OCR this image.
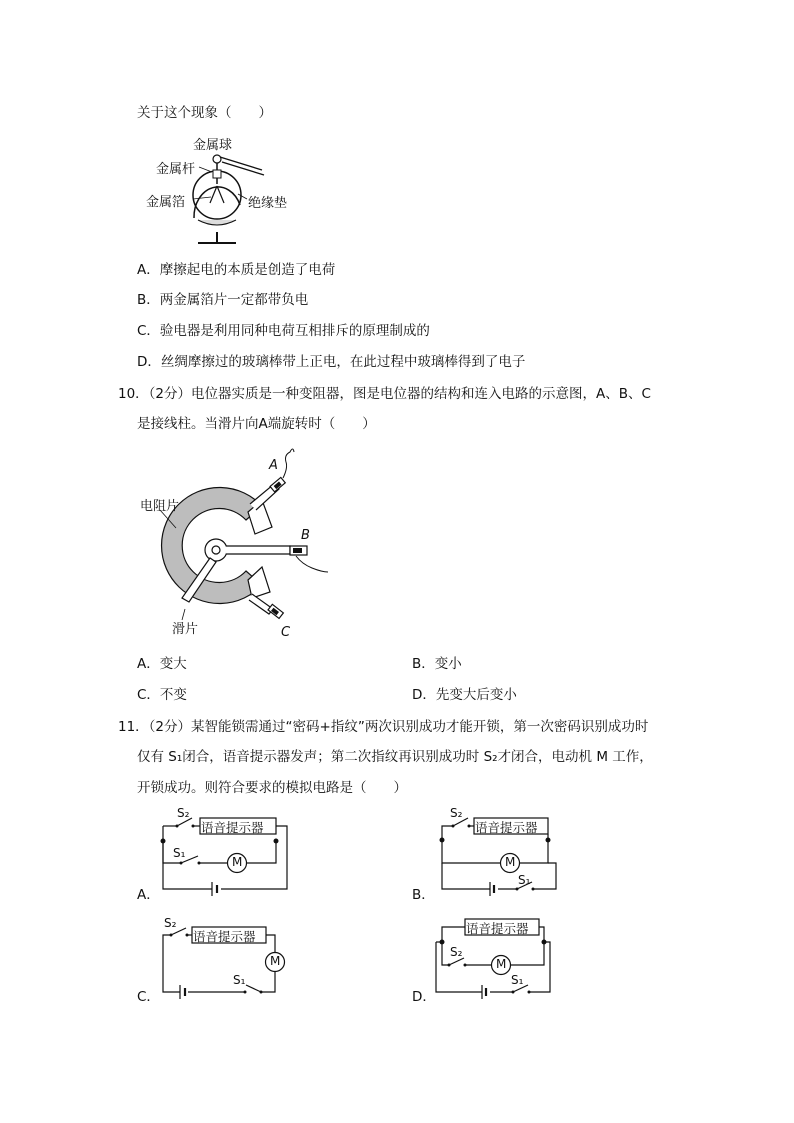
关于这个现象（　　）
金属球
金属杆
金属箔	绝缘垫
A．摩擦起电的本质是创造了电荷
B．两金属箔片一定都带负电
C．验电器是利用同种电荷互相排斥的原理制成的
D．丝绸摩擦过的玻璃棒带上正电，在此过程中玻璃棒得到了电子
10．（2分）电位器实质是一种变阻器，图是电位器的结构和连入电路的示意图，A、B、C
是接线柱。当滑片向A端旋转时（　　）
A
B
C
电阻片
滑片
A．变大	B．变小
C．不变	D．先变大后变小
11．（2分）某智能锁需通过“密码+指纹”两次识别成功才能开锁，第一次密码识别成功时
仅有 S₁闭合，语音提示器发声；第二次指纹再识别成功时 S₂才闭合，电动机 M 工作，
开锁成功。则符合要求的模拟电路是（　　）
语音提示器
M
S₂
S₁
A．
语音提示器
M
S₂
S₁
B．
语音提示器
M
S₂
S₁
C．
语音提示器
M
S₂
S₁
D．
